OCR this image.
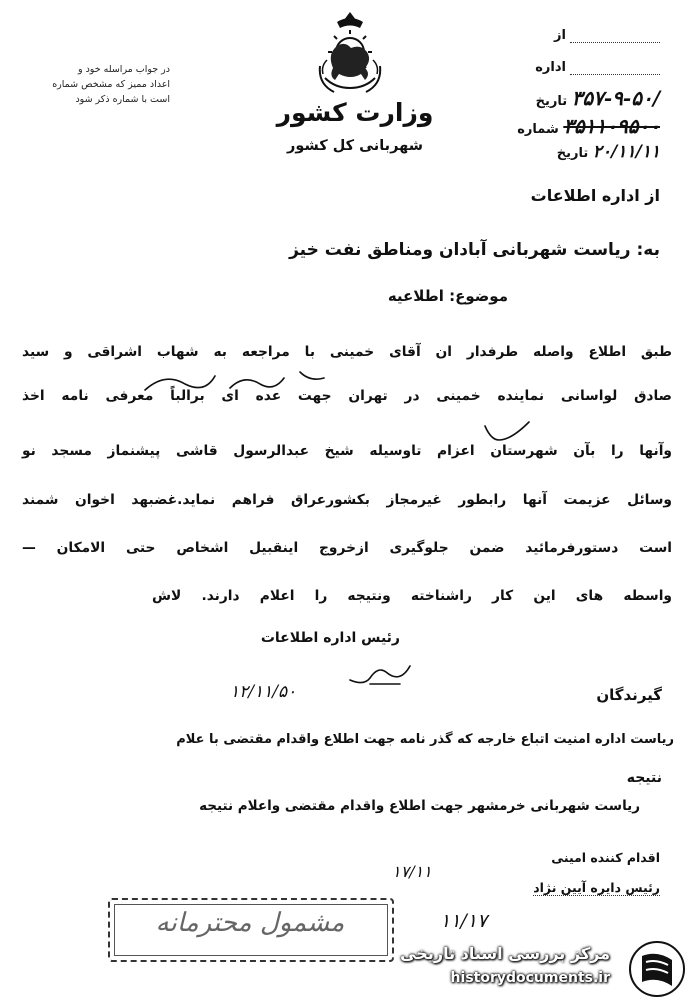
در جواب مراسله خود و
اعداد ممیز که مشخص شماره
است با شماره ذکر شود	وزارت کشور
شهربانی کل کشور
از
اداره
تاریخ ۳۵۷-۹-۵۰/
شماره ۳۵۱۱۰۹۵۰۰
تاریخ ۲۰/۱۱/۱۱
از اداره اطلاعات
به: ریاست شهربانی آبادان ومناطق نفت خیز
موضوع: اطلاعیه
طبق اطلاع واصله طرفدار ان آقای خمینی با مراجعه به شهاب اشراقی و سید
صادق لواسانی نماینده خمینی در تهران جهت عده ای برالباً معرفی نامه اخذ
وآنها را بآن شهرستان اعزام تاوسیله شیخ عبدالرسول قاشی پیشنماز مسجد نو
وسائل عزیمت آنها رابطور غیرمجاز بکشورعراق فراهم نماید.غضبهد اخوان شمند
است دستورفرمائید ضمن جلوگیری ازخروج اینقبیل اشخاص حتی الامکان —
واسطه های این کار راشناخته ونتیجه را اعلام دارند. لاش
رئیس اداره اطلاعات
۱۲/۱۱/۵۰	گیرندگان
ریاست اداره امنیت اتباع خارجه که گذر نامه جهت اطلاع واقدام مقتضی با علام
نتیجه
ریاست شهربانی خرمشهر جهت اطلاع واقدام مقتضی واعلام نتیجه
اقدام کننده امینی
۱۷/۱۱
رئیس دایره آیین نژاد
۱۱/۱۷
مشمول محترمانه
مرکز بررسی اسناد تاریخی
historydocuments.ir
